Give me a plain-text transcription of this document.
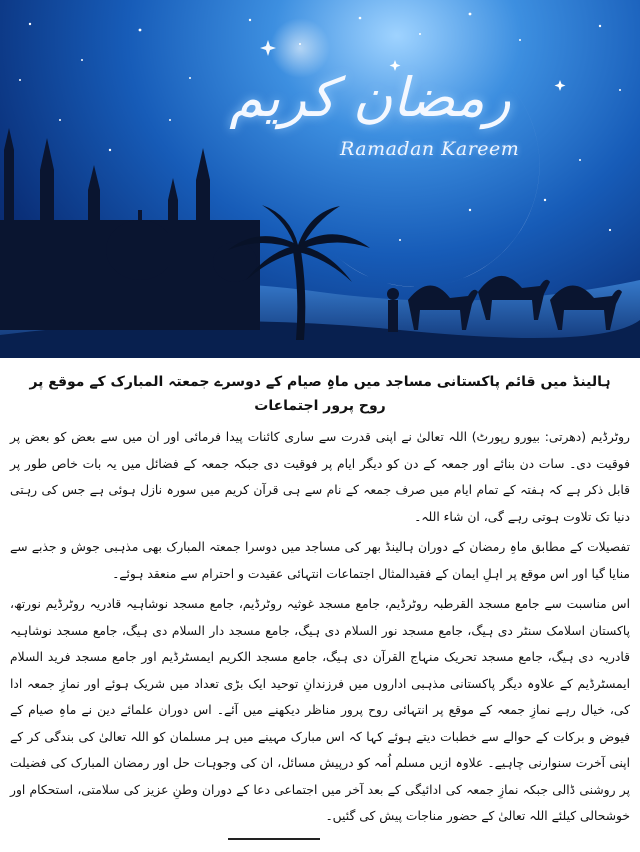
رمضان کریم
Ramadan Kareem
ہالینڈ میں قائم پاکستانی مساجد میں ماہِ صیام کے دوسرے جمعتہ المبارک کے موقع پر روح پرور اجتماعات
روٹرڈیم (دھرتی: بیورو رپورٹ) اللہ تعالیٰ نے اپنی قدرت سے ساری کائنات پیدا فرمائی اور ان میں سے بعض کو بعض پر فوقیت دی۔ سات دن بنائے اور جمعہ کے دن کو دیگر ایام پر فوقیت دی جبکہ جمعہ کے فضائل میں یہ بات خاص طور پر قابل ذکر ہے کہ ہفتہ کے تمام ایام میں صرف جمعہ کے نام سے ہی قرآن کریم میں سورہ نازل ہوئی ہے جس کی رہتی دنیا تک تلاوت ہوتی رہے گی، ان شاء اللہ۔
تفصیلات کے مطابق ماہِ رمضان کے دوران ہالینڈ بھر کی مساجد میں دوسرا جمعتہ المبارک بھی مذہبی جوش و جذبے سے منایا گیا اور اس موقع پر اہلِ ایمان کے فقیدالمثال اجتماعات انتہائی عقیدت و احترام سے منعقد ہوئے۔
اس مناسبت سے جامع مسجد القرطبہ روٹرڈیم، جامع مسجد غوثیہ روٹرڈیم، جامع مسجد نوشاہیہ قادریہ روٹرڈیم نورتھ، پاکستان اسلامک سنٹر دی ہیگ، جامع مسجد نور السلام دی ہیگ، جامع مسجد دار السلام دی ہیگ، جامع مسجد نوشاہیہ قادریہ دی ہیگ، جامع مسجد تحریک منہاج القرآن دی ہیگ، جامع مسجد الکریم ایمسٹرڈیم اور جامع مسجد فرید السلام ایمسٹرڈیم کے علاوہ دیگر پاکستانی مذہبی اداروں میں فرزندانِ توحید ایک بڑی تعداد میں شریک ہوئے اور نمازِ جمعہ ادا کی، خیال رہے نمازِ جمعہ کے موقع پر انتہائی روح پرور مناظر دیکھنے میں آئے۔ اس دوران علمائے دین نے ماہِ صیام کے فیوض و برکات کے حوالے سے خطبات دیتے ہوئے کہا کہ اس مبارک مہینے میں ہر مسلمان کو اللہ تعالیٰ کی بندگی کر کے اپنی آخرت سنوارنی چاہیے۔ علاوہ ازیں مسلم اُمہ کو درپیش مسائل، ان کی وجوہات حل اور رمضان المبارک کی فضیلت پر روشنی ڈالی جبکہ نمازِ جمعہ کی ادائیگی کے بعد آخر میں اجتماعی دعا کے دوران وطنِ عزیز کی سلامتی، استحکام اور خوشحالی کیلئے اللہ تعالیٰ کے حضور مناجات پیش کی گئیں۔
